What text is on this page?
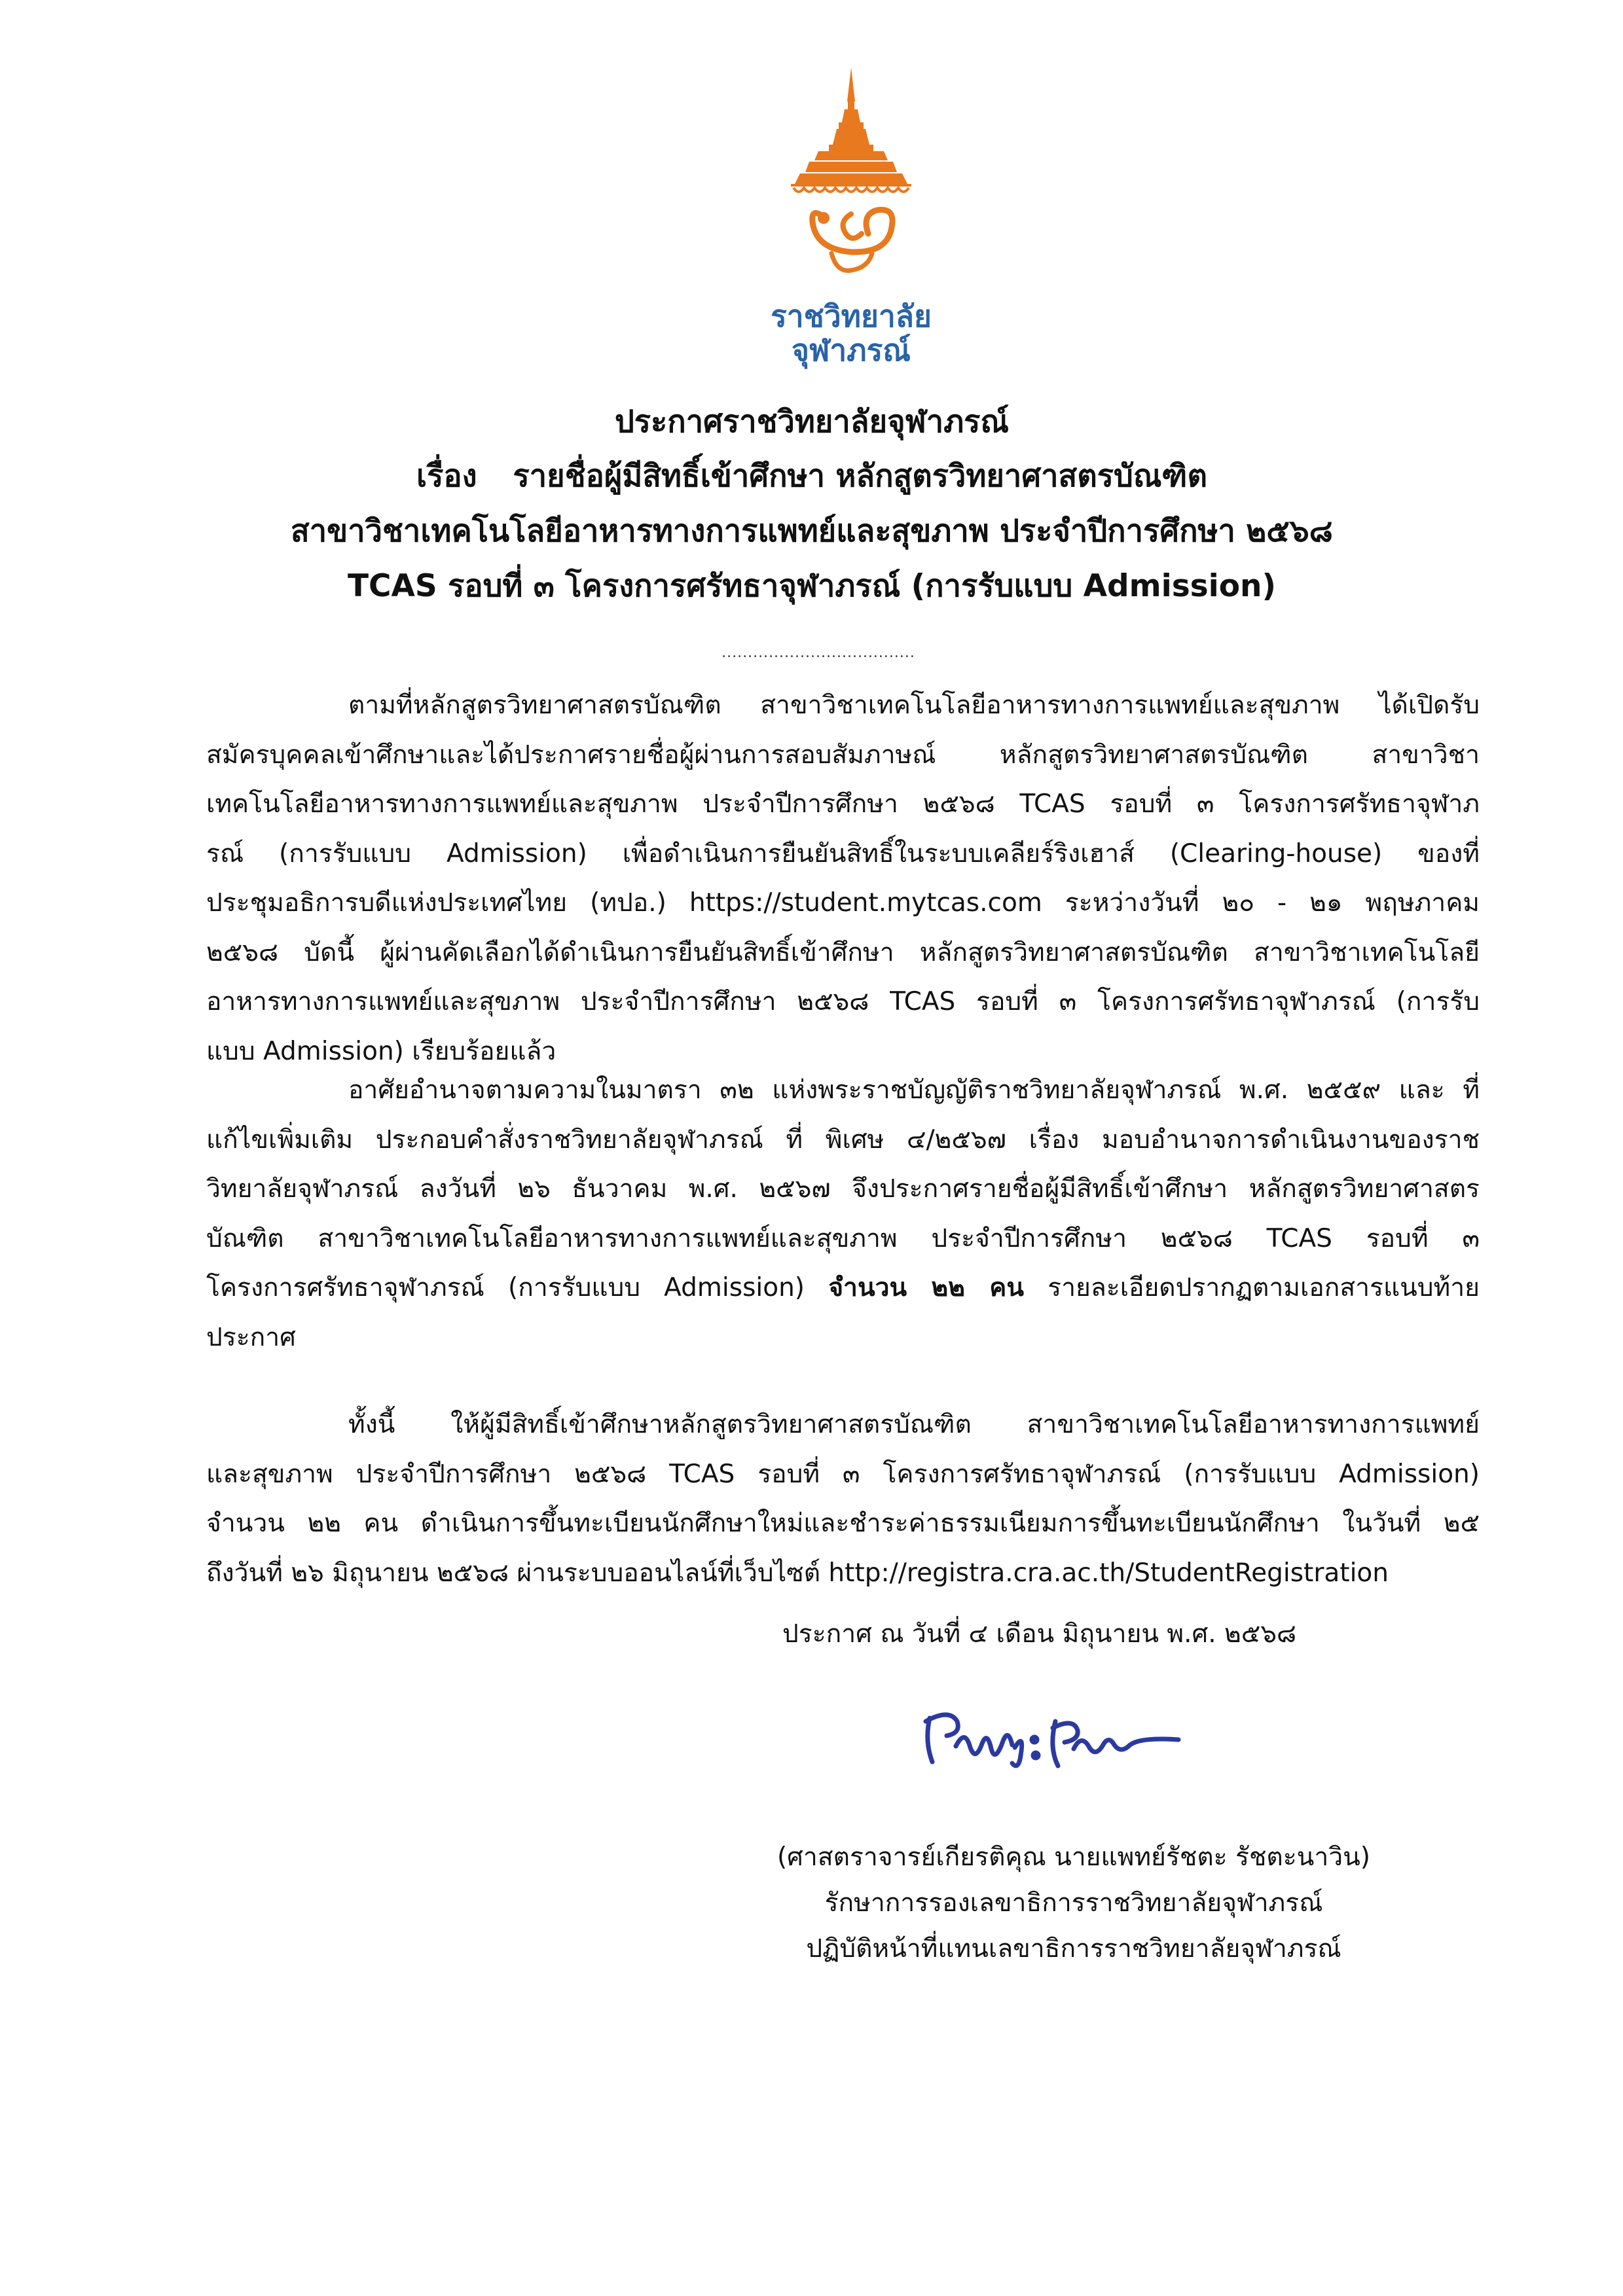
ราชวิทยาลัย
จุฬาภรณ์
ประกาศราชวิทยาลัยจุฬาภรณ์
เรื่อง รายชื่อผู้มีสิทธิ์เข้าศึกษา หลักสูตรวิทยาศาสตรบัณฑิต
สาขาวิชาเทคโนโลยีอาหารทางการแพทย์และสุขภาพ ประจำปีการศึกษา ๒๕๖๘
TCAS รอบที่ ๓ โครงการศรัทธาจุฬาภรณ์ (การรับแบบ Admission)
.....................................
ตามที่หลักสูตรวิทยาศาสตรบัณฑิต สาขาวิชาเทคโนโลยีอาหารทางการแพทย์และสุขภาพ ได้เปิดรับ
สมัครบุคคลเข้าศึกษาและได้ประกาศรายชื่อผู้ผ่านการสอบสัมภาษณ์ หลักสูตรวิทยาศาสตรบัณฑิต สาขาวิชา
เทคโนโลยีอาหารทางการแพทย์และสุขภาพ ประจำปีการศึกษา ๒๕๖๘ TCAS รอบที่ ๓ โครงการศรัทธาจุฬาภ
รณ์ (การรับแบบ Admission) เพื่อดำเนินการยืนยันสิทธิ์ในระบบเคลียร์ริงเฮาส์ (Clearing-house) ของที่
ประชุมอธิการบดีแห่งประเทศไทย (ทปอ.) https://student.mytcas.com ระหว่างวันที่ ๒๐ - ๒๑ พฤษภาคม
๒๕๖๘ บัดนี้ ผู้ผ่านคัดเลือกได้ดำเนินการยืนยันสิทธิ์เข้าศึกษา หลักสูตรวิทยาศาสตรบัณฑิต สาขาวิชาเทคโนโลยี
อาหารทางการแพทย์และสุขภาพ ประจำปีการศึกษา ๒๕๖๘ TCAS รอบที่ ๓ โครงการศรัทธาจุฬาภรณ์ (การรับ
แบบ Admission) เรียบร้อยแล้ว
อาศัยอำนาจตามความในมาตรา ๓๒ แห่งพระราชบัญญัติราชวิทยาลัยจุฬาภรณ์ พ.ศ. ๒๕๕๙ และ ที่
แก้ไขเพิ่มเติม ประกอบคำสั่งราชวิทยาลัยจุฬาภรณ์ ที่ พิเศษ ๔/๒๕๖๗ เรื่อง มอบอำนาจการดำเนินงานของราช
วิทยาลัยจุฬาภรณ์ ลงวันที่ ๒๖ ธันวาคม พ.ศ. ๒๕๖๗ จึงประกาศรายชื่อผู้มีสิทธิ์เข้าศึกษา หลักสูตรวิทยาศาสตร
บัณฑิต สาขาวิชาเทคโนโลยีอาหารทางการแพทย์และสุขภาพ ประจำปีการศึกษา ๒๕๖๘ TCAS รอบที่ ๓
โครงการศรัทธาจุฬาภรณ์ (การรับแบบ Admission) จำนวน ๒๒ คน รายละเอียดปรากฏตามเอกสารแนบท้าย
ประกาศ
ทั้งนี้ ให้ผู้มีสิทธิ์เข้าศึกษาหลักสูตรวิทยาศาสตรบัณฑิต สาขาวิชาเทคโนโลยีอาหารทางการแพทย์
และสุขภาพ ประจำปีการศึกษา ๒๕๖๘ TCAS รอบที่ ๓ โครงการศรัทธาจุฬาภรณ์ (การรับแบบ Admission)
จำนวน ๒๒ คน ดำเนินการขึ้นทะเบียนนักศึกษาใหม่และชำระค่าธรรมเนียมการขึ้นทะเบียนนักศึกษา ในวันที่ ๒๕
ถึงวันที่ ๒๖ มิถุนายน ๒๕๖๘ ผ่านระบบออนไลน์ที่เว็บไซต์ http://registra.cra.ac.th/StudentRegistration
ประกาศ ณ วันที่ ๔ เดือน มิถุนายน พ.ศ. ๒๕๖๘
(ศาสตราจารย์เกียรติคุณ นายแพทย์รัชตะ รัชตะนาวิน)
รักษาการรองเลขาธิการราชวิทยาลัยจุฬาภรณ์
ปฏิบัติหน้าที่แทนเลขาธิการราชวิทยาลัยจุฬาภรณ์
